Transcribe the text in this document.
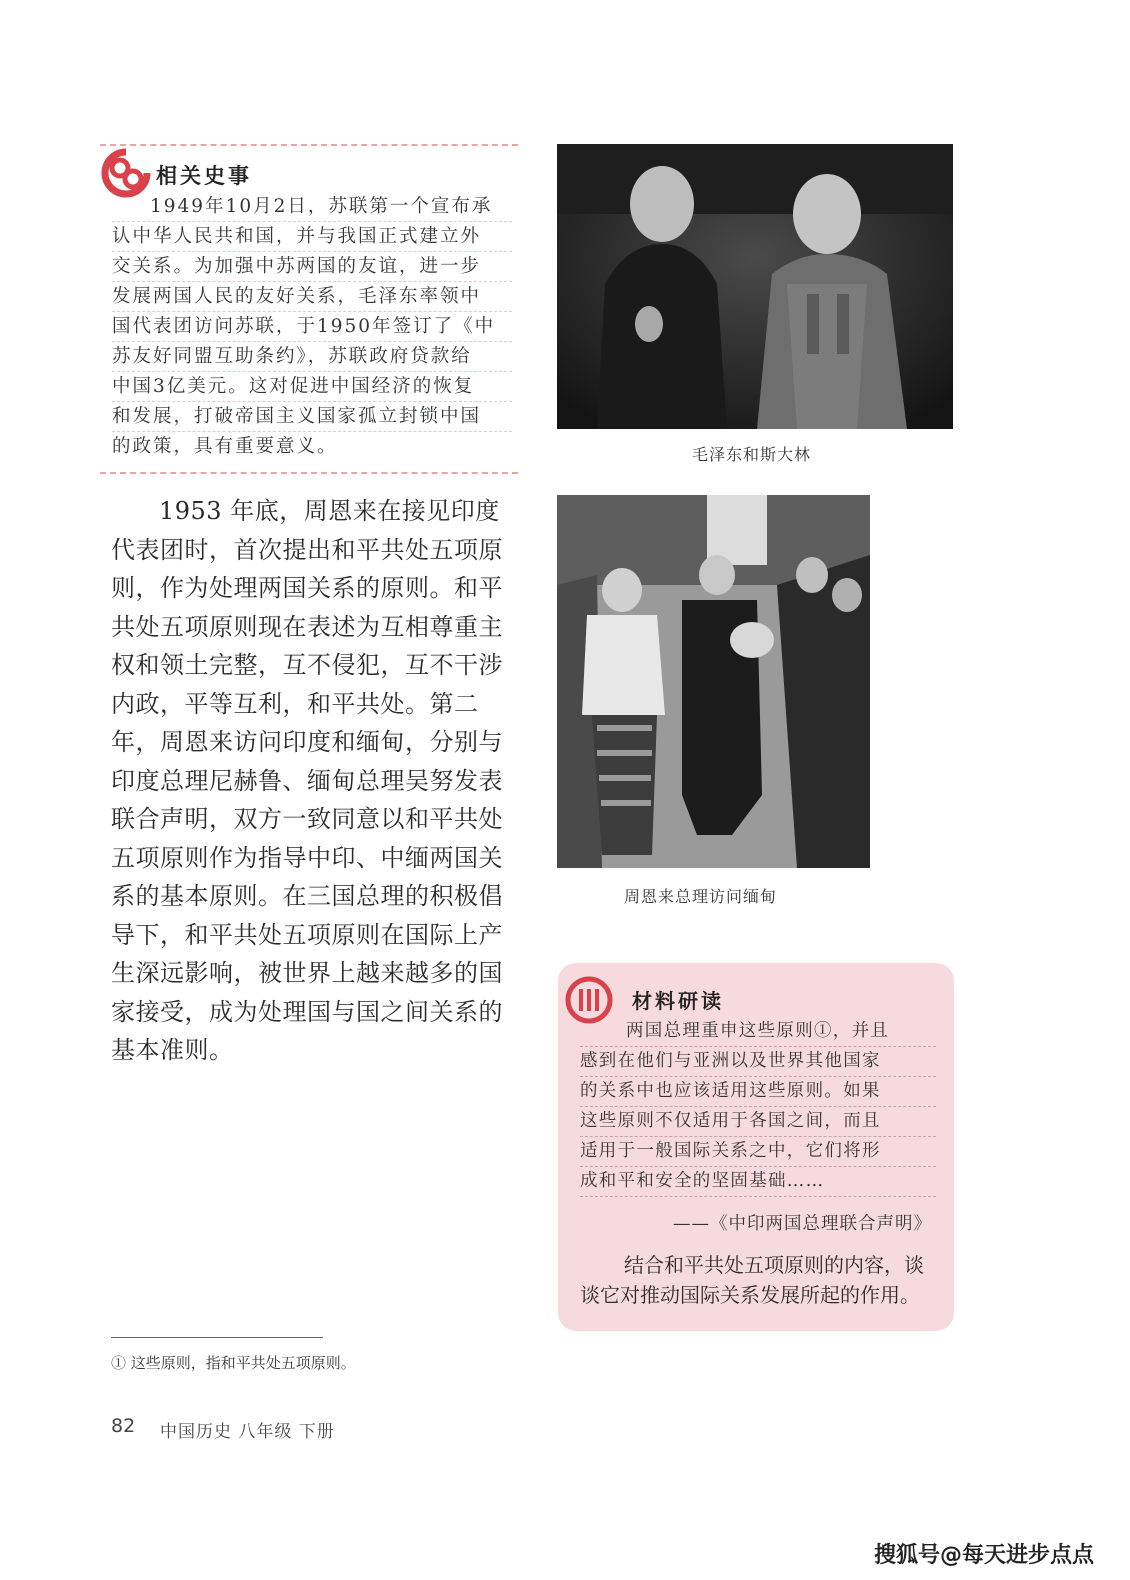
相关史事
1949年10月2日，苏联第一个宣布承
认中华人民共和国，并与我国正式建立外
交关系。为加强中苏两国的友谊，进一步
发展两国人民的友好关系，毛泽东率领中
国代表团访问苏联，于1950年签订了《中
苏友好同盟互助条约》，苏联政府贷款给
中国3亿美元。这对促进中国经济的恢复
和发展，打破帝国主义国家孤立封锁中国
的政策，具有重要意义。
1953 年底，周恩来在接见印度
代表团时，首次提出和平共处五项原
则，作为处理两国关系的原则。和平
共处五项原则现在表述为互相尊重主
权和领土完整，互不侵犯，互不干涉
内政，平等互利，和平共处。第二
年，周恩来访问印度和缅甸，分别与
印度总理尼赫鲁、缅甸总理吴努发表
联合声明，双方一致同意以和平共处
五项原则作为指导中印、中缅两国关
系的基本原则。在三国总理的积极倡
导下，和平共处五项原则在国际上产
生深远影响，被世界上越来越多的国
家接受，成为处理国与国之间关系的
基本准则。
毛泽东和斯大林
周恩来总理访问缅甸
材料研读
两国总理重申这些原则①，并且
感到在他们与亚洲以及世界其他国家
的关系中也应该适用这些原则。如果
这些原则不仅适用于各国之间，而且
适用于一般国际关系之中，它们将形
成和平和安全的坚固基础……
——《中印两国总理联合声明》
结合和平共处五项原则的内容，谈
谈它对推动国际关系发展所起的作用。
① 这些原则，指和平共处五项原则。
82 中国历史 八年级 下册
搜狐号@每天进步点点
